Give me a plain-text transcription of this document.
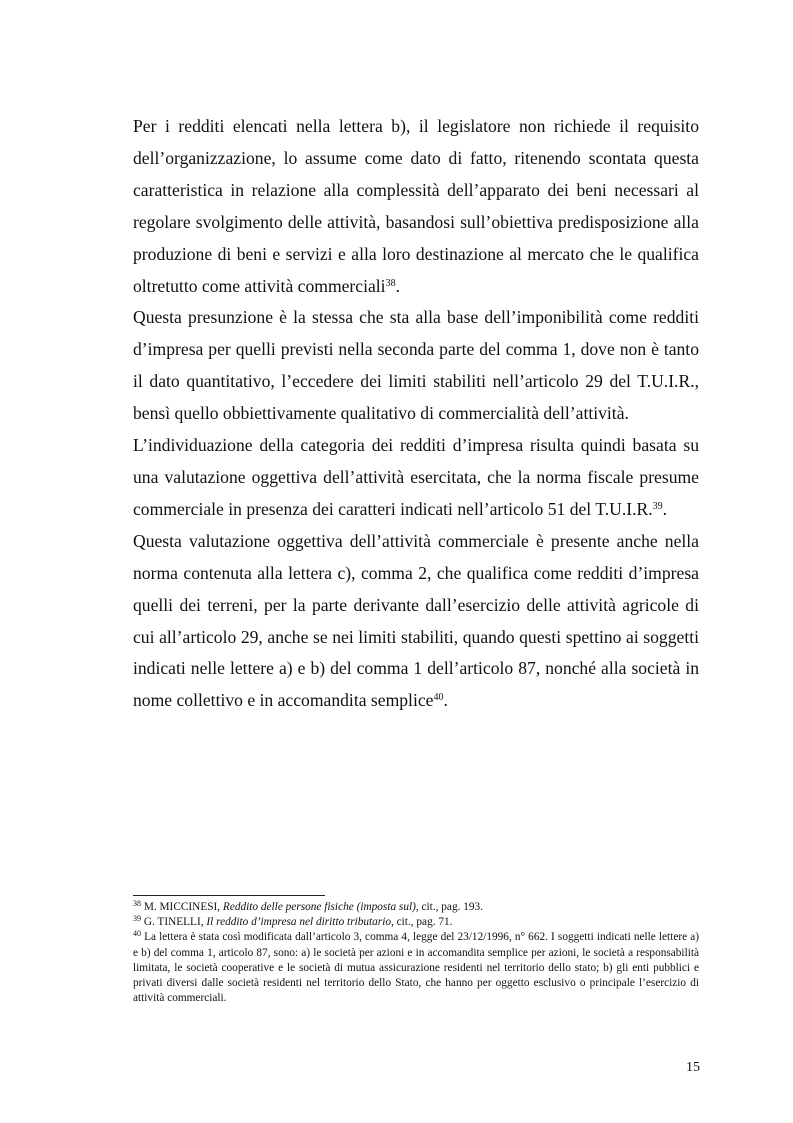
Per i redditi elencati nella lettera b), il legislatore non richiede il requisito dell’organizzazione, lo assume come dato di fatto, ritenendo scontata questa caratteristica in relazione alla complessità dell’apparato dei beni necessari al regolare svolgimento delle attività, basandosi sull’obiettiva predisposizione alla produzione di beni e servizi e alla loro destinazione al mercato che le qualifica oltretutto come attività commerciali$^{38}$.

Questa presunzione è la stessa che sta alla base dell’imponibilità come redditi d’impresa per quelli previsti nella seconda parte del comma 1, dove non è tanto il dato quantitativo, l’eccedere dei limiti stabiliti nell’articolo 29 del T.U.I.R., bensì quello obbiettivamente qualitativo di commercialità dell’attività.

L’individuazione della categoria dei redditi d’impresa risulta quindi basata su una valutazione oggettiva dell’attività esercitata, che la norma fiscale presume commerciale in presenza dei caratteri indicati nell’articolo 51 del T.U.I.R.$^{39}$.

Questa valutazione oggettiva dell’attività commerciale è presente anche nella norma contenuta alla lettera c), comma 2, che qualifica come redditi d’impresa quelli dei terreni, per la parte derivante dall’esercizio delle attività agricole di cui all’articolo 29, anche se nei limiti stabiliti, quando questi spettino ai soggetti indicati nelle lettere a) e b) del comma 1 dell’articolo 87, nonché alla società in nome collettivo e in accomandita semplice$^{40}$.

$^{38}$ M. MICCINESI, Reddito delle persone fisiche (imposta sul), cit., pag. 193.

$^{39}$ G. TINELLI, Il reddito d’impresa nel diritto tributario, cit., pag. 71.

$^{40}$ La lettera è stata così modificata dall’articolo 3, comma 4, legge del 23/12/1996, n° 662. I soggetti indicati nelle lettere a) e b) del comma 1, articolo 87, sono: a) le società per azioni e in accomandita semplice per azioni, le società a responsabilità limitata, le società cooperative e le società di mutua assicurazione residenti nel territorio dello stato; b) gli enti pubblici e privati diversi dalle società residenti nel territorio dello Stato, che hanno per oggetto esclusivo o principale l’esercizio di attività commerciali.

15
